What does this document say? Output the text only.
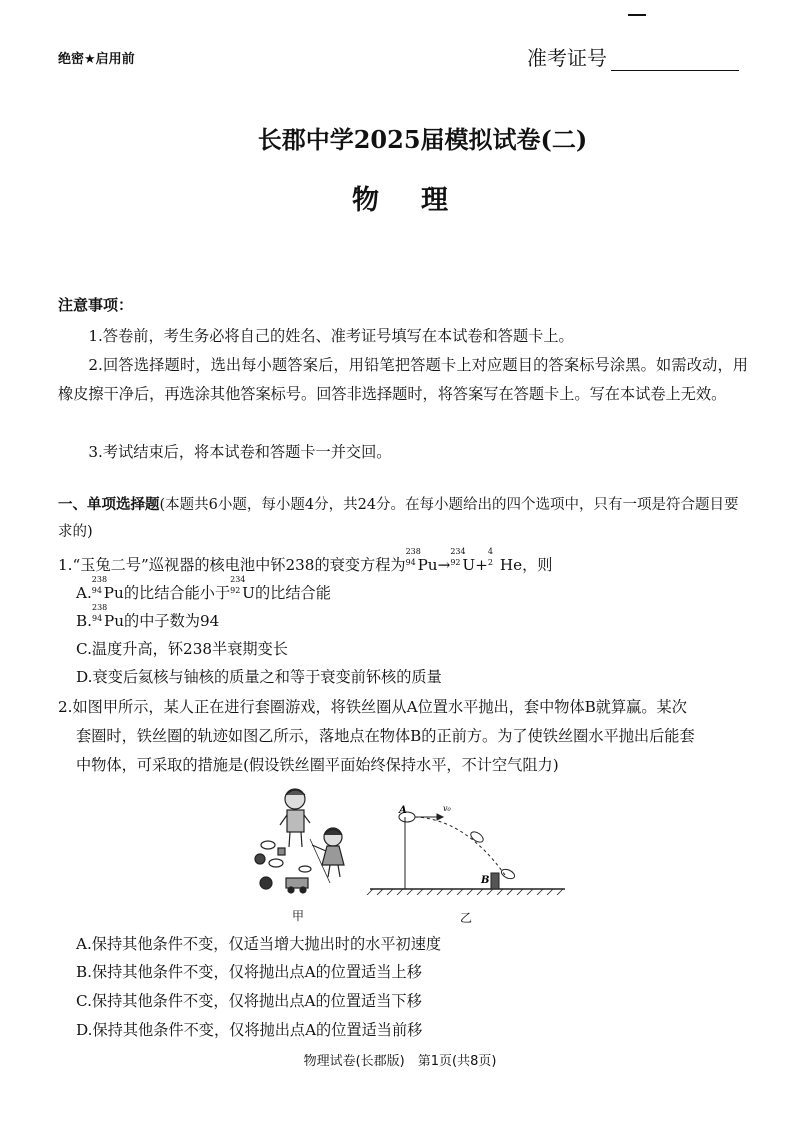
绝密★启用前	准考证号
长郡中学2025届模拟试卷(二)
物理
注意事项：
1.答卷前，考生务必将自己的姓名、准考证号填写在本试卷和答题卡上。
2.回答选择题时，选出每小题答案后，用铅笔把答题卡上对应题目的答案标号涂黑。如需改动，用橡皮擦干净后，再选涂其他答案标号。回答非选择题时，将答案写在答题卡上。写在本试卷上无效。
3.考试结束后，将本试卷和答题卡一并交回。
一、单项选择题(本题共6小题，每小题4分，共24分。在每小题给出的四个选项中，只有一项是符合题目要求的)
1.“玉兔二号”巡视器的核电池中钚238的衰变方程为
238
94 Pu→
234
92 U+
4
2 He，则
A.
238
94 Pu的比结合能小于
234
92 U的比结合能
B.
238
94 Pu的中子数为94
C.温度升高，钚238半衰期变长
D.衰变后氦核与铀核的质量之和等于衰变前钚核的质量
2.如图甲所示，某人正在进行套圈游戏，将铁丝圈从A位置水平抛出，套中物体B就算赢。某次
套圈时，铁丝圈的轨迹如图乙所示，落地点在物体B的正前方。为了使铁丝圈水平抛出后能套
中物体，可采取的措施是(假设铁丝圈平面始终保持水平，不计空气阻力)
甲
A
B
v₀
乙
A.保持其他条件不变，仅适当增大抛出时的水平初速度
B.保持其他条件不变，仅将抛出点A的位置适当上移
C.保持其他条件不变，仅将抛出点A的位置适当下移
D.保持其他条件不变，仅将抛出点A的位置适当前移
物理试卷(长郡版)　第1页(共8页)
